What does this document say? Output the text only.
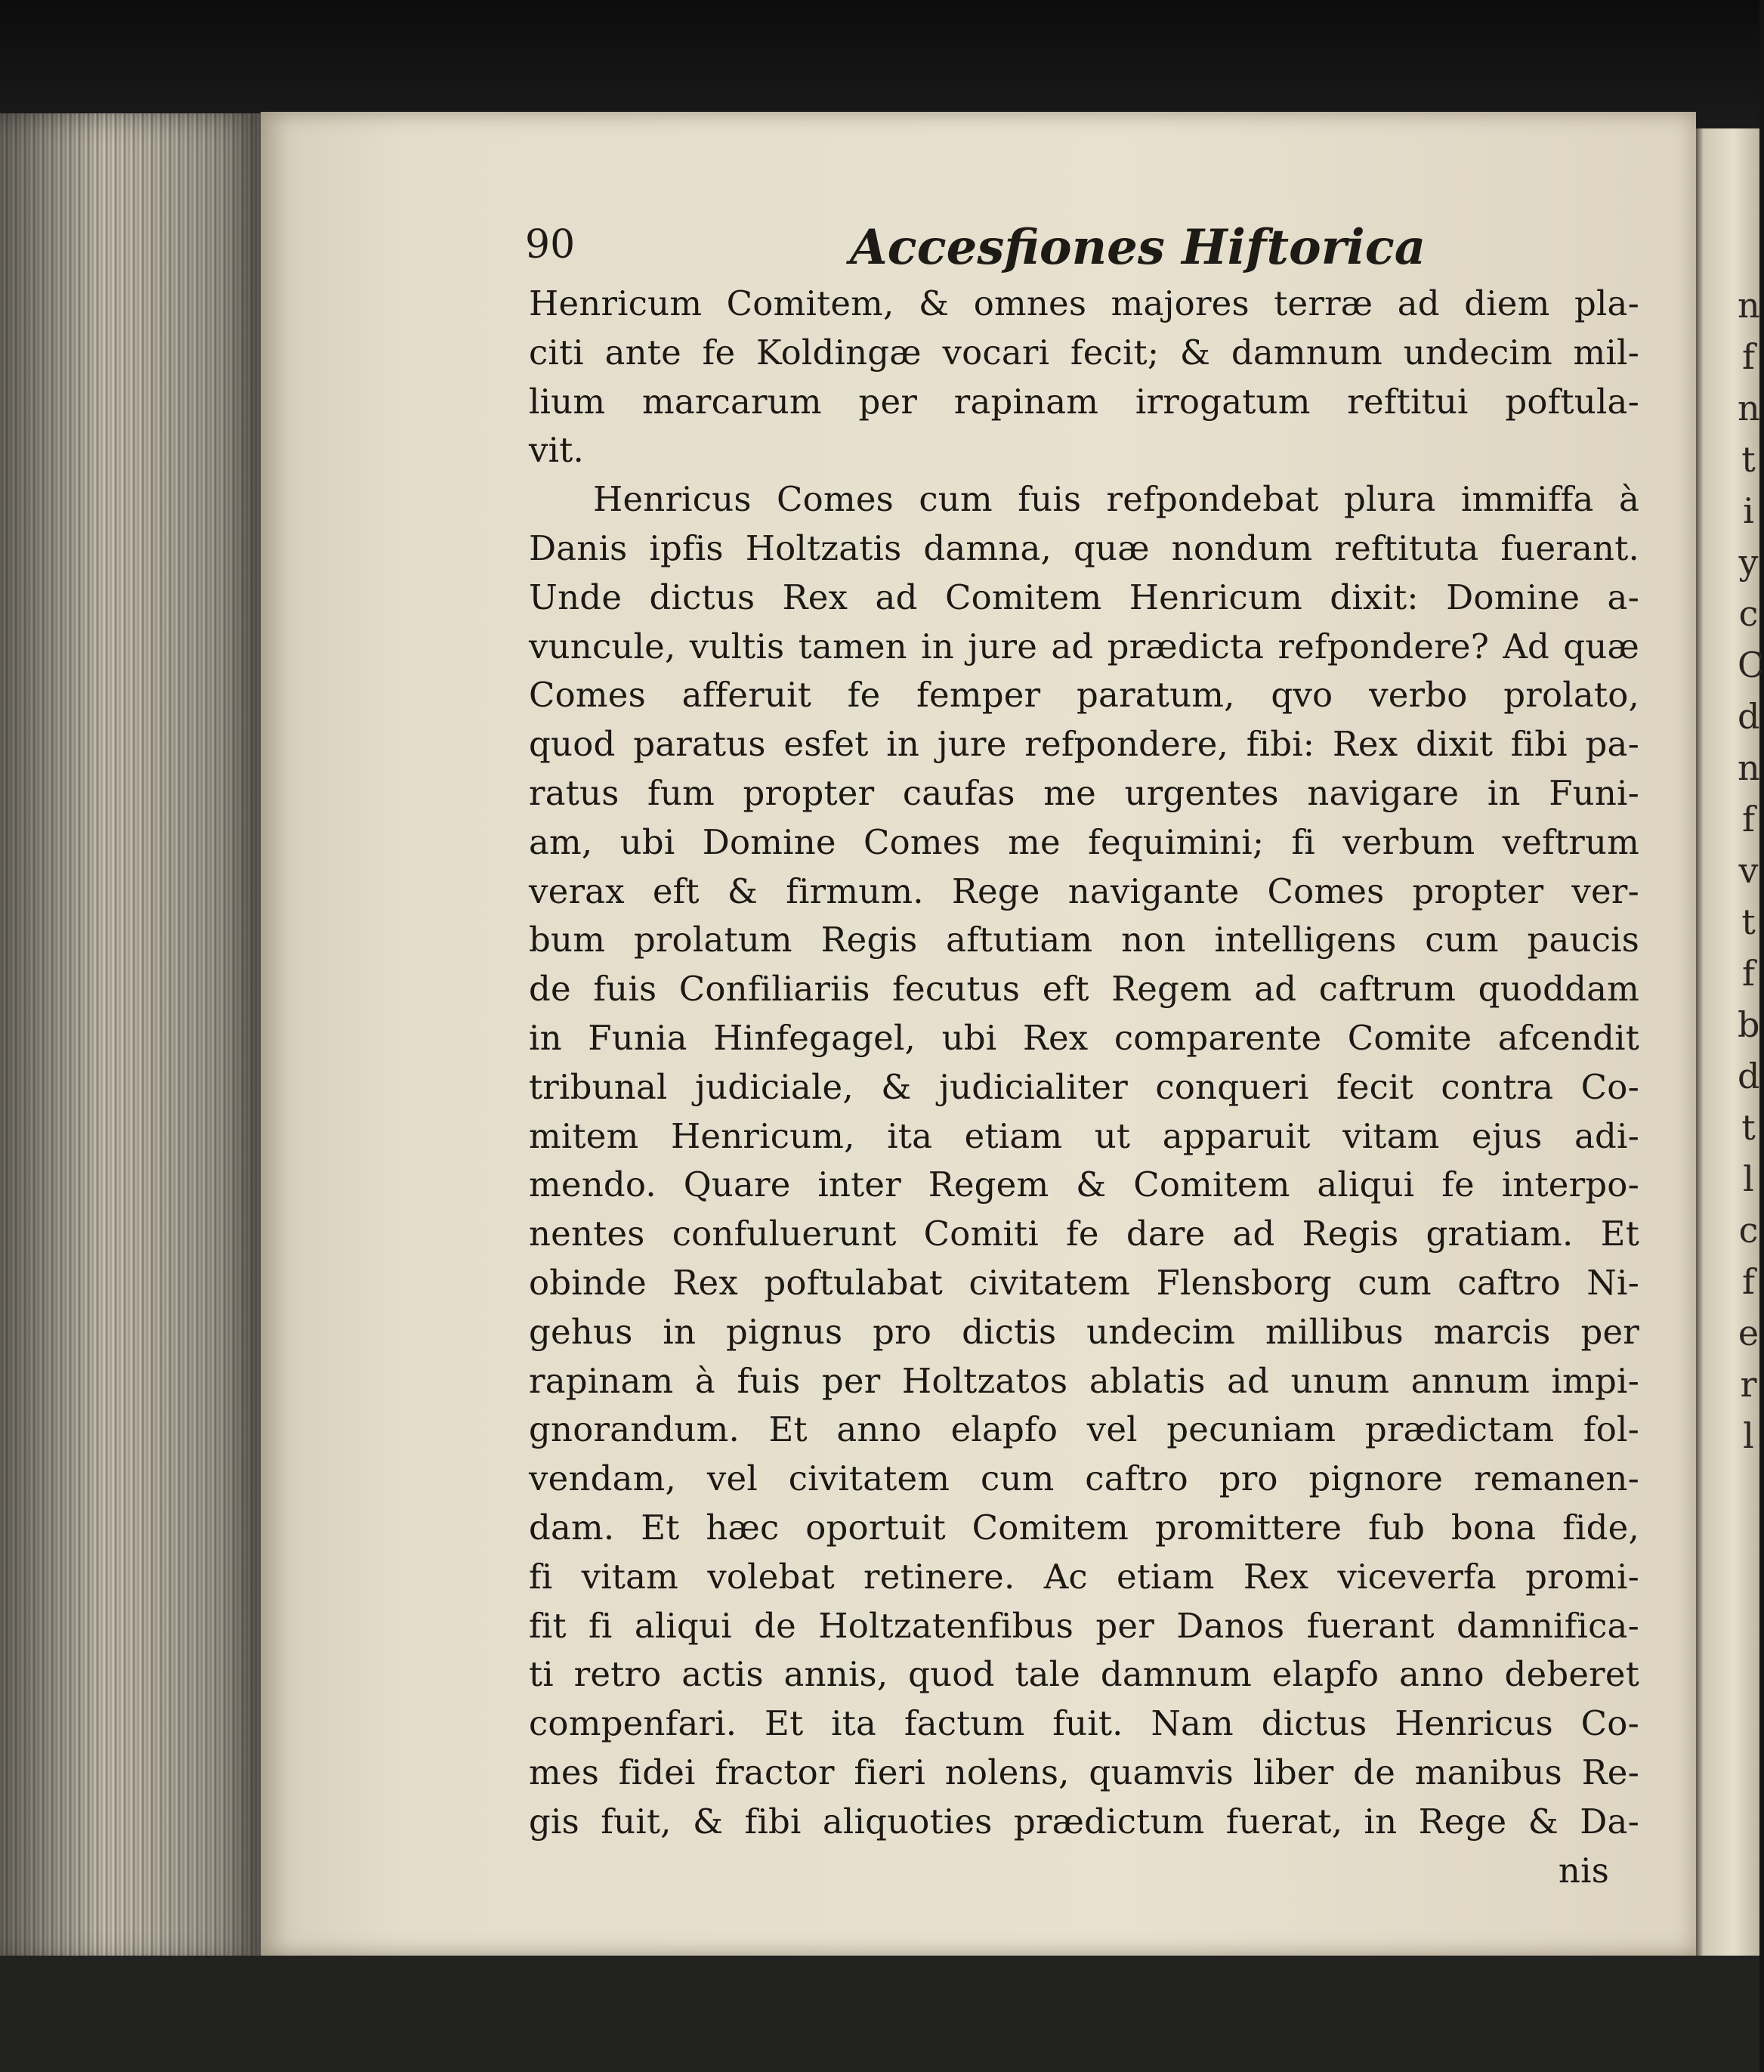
n
f
n
t
i
y
c
C
d
n
f
v
t
f
b
d
t
l
c
f
e
r
l
90	Accesfiones Hiftorica
Henricum Comitem, & omnes majores terræ ad diem pla-
citi ante fe Koldingæ vocari fecit; & damnum undecim mil-
lium marcarum per rapinam irrogatum reftitui poftula-
vit.
Henricus Comes cum fuis refpondebat plura immiffa à
Danis ipfis Holtzatis damna, quæ nondum reftituta fuerant.
Unde dictus Rex ad Comitem Henricum dixit: Domine a-
vuncule, vultis tamen in jure ad prædicta refpondere? Ad quæ
Comes afferuit fe femper paratum, qvo verbo prolato,
quod paratus esfet in jure refpondere, fibi: Rex dixit fibi pa-
ratus fum propter caufas me urgentes navigare in Funi-
am, ubi Domine Comes me fequimini; fi verbum veftrum
verax eft & firmum. Rege navigante Comes propter ver-
bum prolatum Regis aftutiam non intelligens cum paucis
de fuis Confiliariis fecutus eft Regem ad caftrum quoddam
in Funia Hinfegagel, ubi Rex comparente Comite afcendit
tribunal judiciale, & judicialiter conqueri fecit contra Co-
mitem Henricum, ita etiam ut apparuit vitam ejus adi-
mendo. Quare inter Regem & Comitem aliqui fe interpo-
nentes confuluerunt Comiti fe dare ad Regis gratiam. Et
obinde Rex poftulabat civitatem Flensborg cum caftro Ni-
gehus in pignus pro dictis undecim millibus marcis per
rapinam à fuis per Holtzatos ablatis ad unum annum impi-
gnorandum. Et anno elapfo vel pecuniam prædictam fol-
vendam, vel civitatem cum caftro pro pignore remanen-
dam. Et hæc oportuit Comitem promittere fub bona fide,
fi vitam volebat retinere. Ac etiam Rex viceverfa promi-
fit fi aliqui de Holtzatenfibus per Danos fuerant damnifica-
ti retro actis annis, quod tale damnum elapfo anno deberet
compenfari. Et ita factum fuit. Nam dictus Henricus Co-
mes fidei fractor fieri nolens, quamvis liber de manibus Re-
gis fuit, & fibi aliquoties prædictum fuerat, in Rege & Da-
nis
